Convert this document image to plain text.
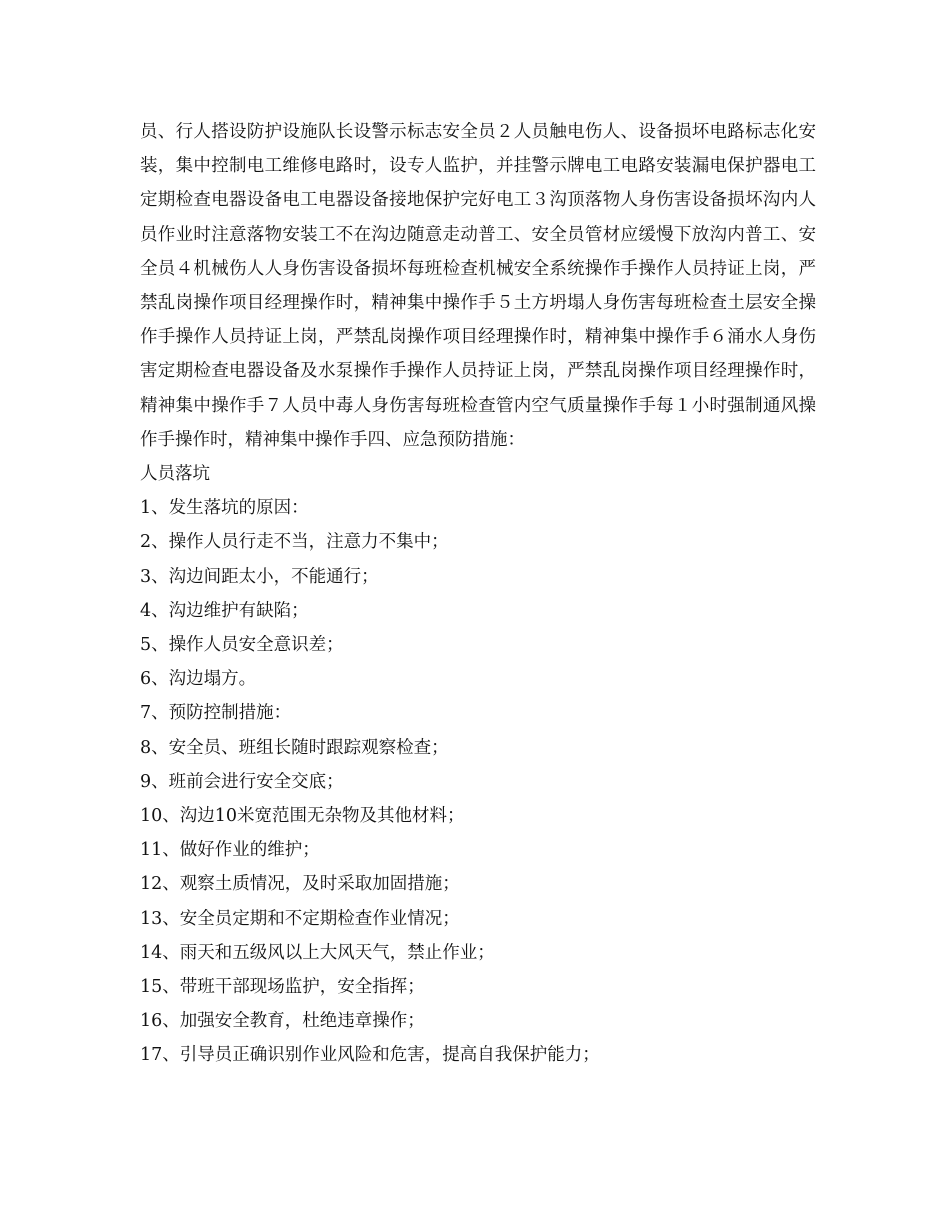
员、行人搭设防护设施队长设警示标志安全员２人员触电伤人、设备损坏电路标志化安装，集中控制电工维修电路时，设专人监护，并挂警示牌电工电路安装漏电保护器电工定期检查电器设备电工电器设备接地保护完好电工３沟顶落物人身伤害设备损坏沟内人员作业时注意落物安装工不在沟边随意走动普工、安全员管材应缓慢下放沟内普工、安全员４机械伤人人身伤害设备损坏每班检查机械安全系统操作手操作人员持证上岗，严禁乱岗操作项目经理操作时，精神集中操作手５土方坍塌人身伤害每班检查土层安全操作手操作人员持证上岗，严禁乱岗操作项目经理操作时，精神集中操作手６涌水人身伤害定期检查电器设备及水泵操作手操作人员持证上岗，严禁乱岗操作项目经理操作时，精神集中操作手７人员中毒人身伤害每班检查管内空气质量操作手每１小时强制通风操作手操作时，精神集中操作手四、应急预防措施：

人员落坑

1、发生落坑的原因：

2、操作人员行走不当，注意力不集中；

3、沟边间距太小，不能通行；

4、沟边维护有缺陷；

5、操作人员安全意识差；

6、沟边塌方。

7、预防控制措施：

8、安全员、班组长随时跟踪观察检查；

9、班前会进行安全交底；

10、沟边10米宽范围无杂物及其他材料；

11、做好作业的维护；

12、观察土质情况，及时采取加固措施；

13、安全员定期和不定期检查作业情况；

14、雨天和五级风以上大风天气，禁止作业；

15、带班干部现场监护，安全指挥；

16、加强安全教育，杜绝违章操作；

17、引导员正确识别作业风险和危害，提高自我保护能力；
